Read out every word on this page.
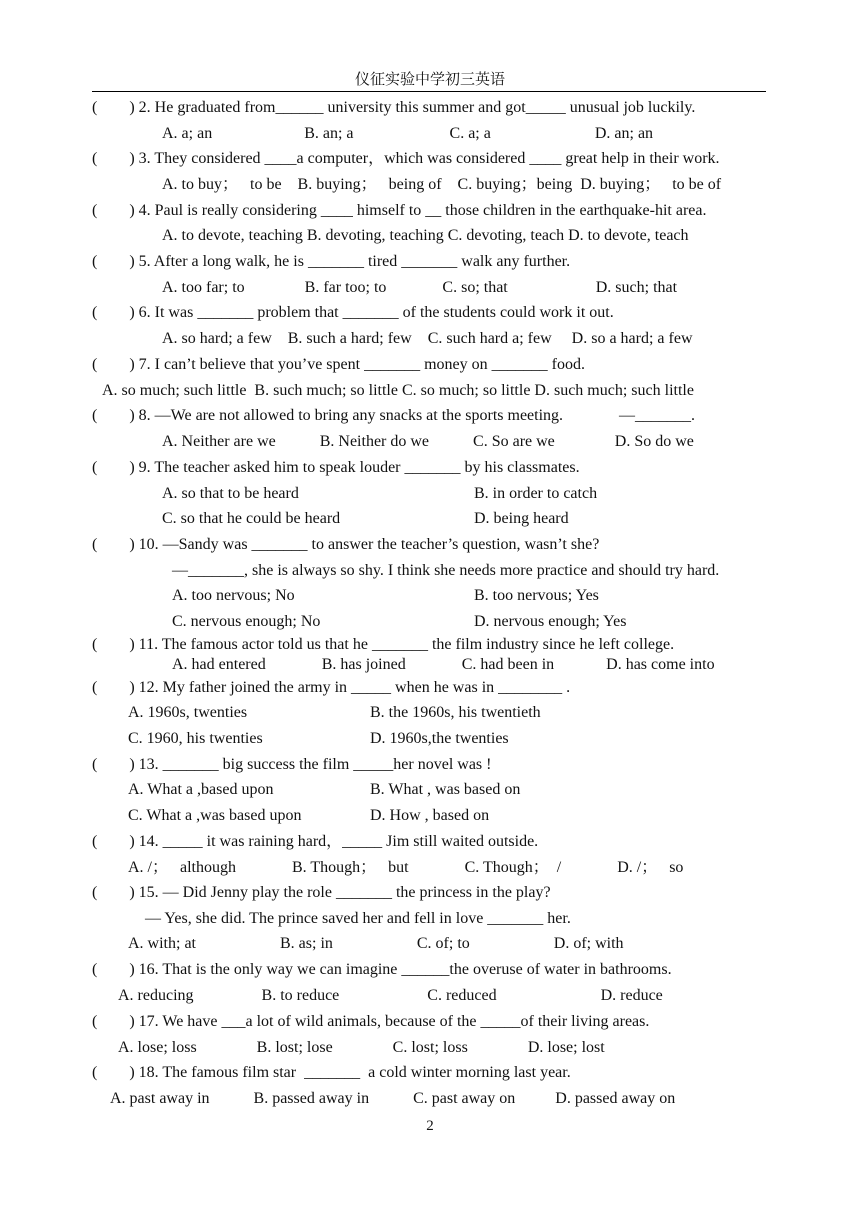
仪征实验中学初三英语
(        ) 2. He graduated from______ university this summer and got_____ unusual job luckily.
A. a; an                       B. an; a                        C. a; a                          D. an; an
(        ) 3. They considered ____a computer，which was considered ____ great help in their work.
A. to buy；   to be    B. buying；   being of    C. buying；being  D. buying；   to be of
(        ) 4. Paul is really considering ____ himself to __ those children in the earthquake-hit area.
A. to devote, teaching B. devoting, teaching C. devoting, teach D. to devote, teach
(        ) 5. After a long walk, he is _______ tired _______ walk any further.
A. too far; to               B. far too; to              C. so; that                      D. such; that
(        ) 6. It was _______ problem that _______ of the students could work it out.
A. so hard; a few    B. such a hard; few    C. such hard a; few     D. so a hard; a few
(        ) 7. I can’t believe that you’ve spent _______ money on _______ food.
A. so much; such little  B. such much; so little C. so much; so little D. such much; such little
(        ) 8. —We are not allowed to bring any snacks at the sports meeting.              —_______.
A. Neither are we           B. Neither do we           C. So are we               D. So do we
(        ) 9. The teacher asked him to speak louder _______ by his classmates.
A. so that to be heard	B. in order to catch
C. so that he could be heard	D. being heard
(        ) 10. —Sandy was _______ to answer the teacher’s question, wasn’t she?
—_______, she is always so shy. I think she needs more practice and should try hard.
A. too nervous; No	B. too nervous; Yes
C. nervous enough; No	D. nervous enough; Yes
(        ) 11. The famous actor told us that he _______ the film industry since he left college.
A. had entered              B. has joined              C. had been in             D. has come into
(        ) 12. My father joined the army in _____ when he was in ________ .
A. 1960s, twenties	B. the 1960s, his twentieth
C. 1960, his twenties	D. 1960s,the twenties
(        ) 13. _______ big success the film _____her novel was !
A. What a ,based upon	B. What , was based on
C. What a ,was based upon	D. How , based on
(        ) 14. _____ it was raining hard，_____ Jim still waited outside.
A. /；   although              B. Though；   but              C. Though；  /              D. /；   so
(        ) 15. — Did Jenny play the role _______ the princess in the play?
— Yes, she did. The prince saved her and fell in love _______ her.
A. with; at                     B. as; in                     C. of; to                     D. of; with
(        ) 16. That is the only way we can imagine ______the overuse of water in bathrooms.
A. reducing                 B. to reduce                      C. reduced                          D. reduce
(        ) 17. We have ___a lot of wild animals, because of the _____of their living areas.
A. lose; loss               B. lost; lose               C. lost; loss               D. lose; lost
(        ) 18. The famous film star  _______  a cold winter morning last year.
A. past away in           B. passed away in           C. past away on          D. passed away on
2
